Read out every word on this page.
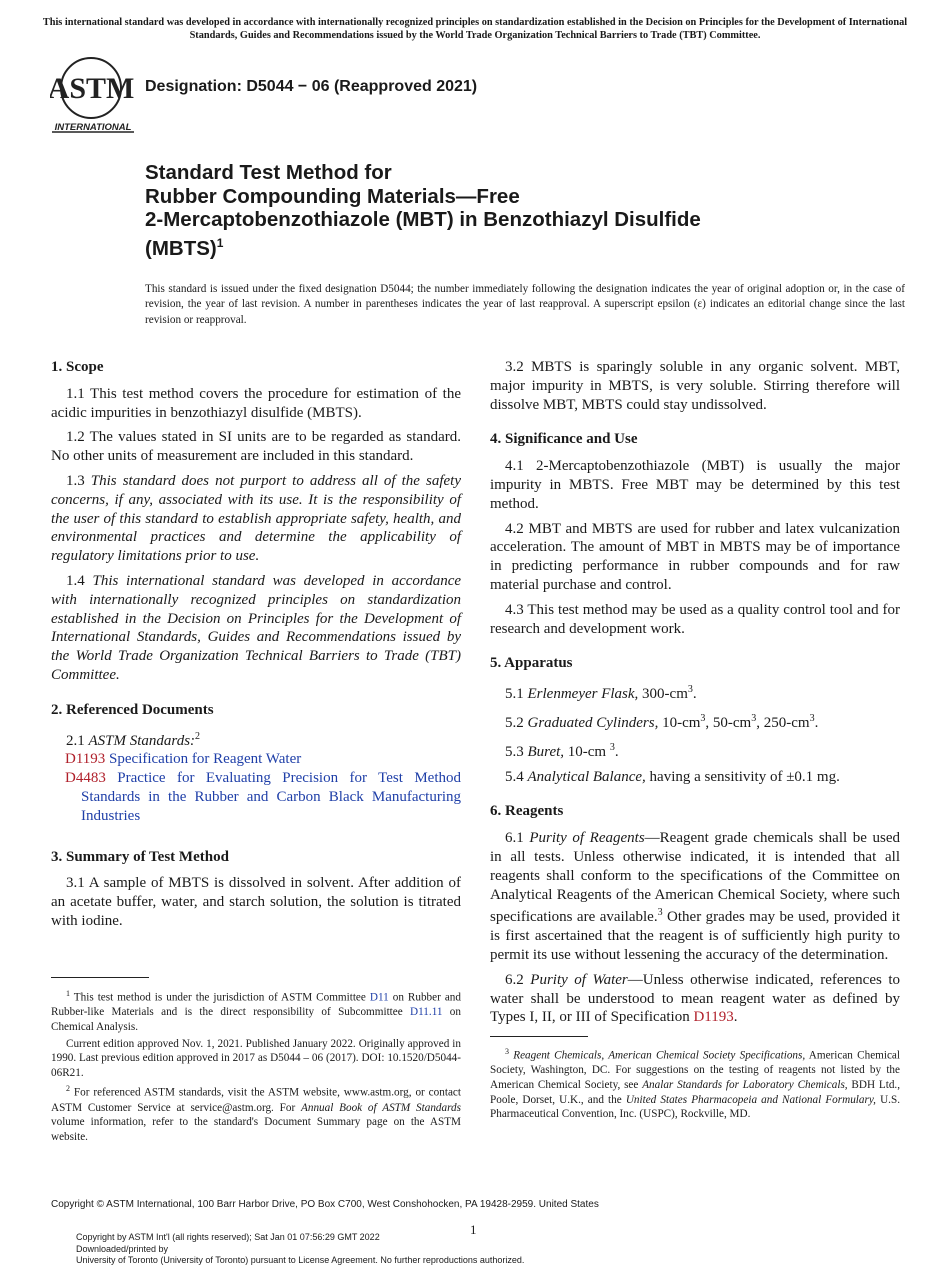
This international standard was developed in accordance with internationally recognized principles on standardization established in the Decision on Principles for the Development of International Standards, Guides and Recommendations issued by the World Trade Organization Technical Barriers to Trade (TBT) Committee.
ASTM
INTERNATIONAL
Designation: D5044 − 06 (Reapproved 2021)
Standard Test Method for
Rubber Compounding Materials—Free
2-Mercaptobenzothiazole (MBT) in Benzothiazyl Disulfide
(MBTS)$^1$
This standard is issued under the fixed designation D5044; the number immediately following the designation indicates the year of original adoption or, in the case of revision, the year of last revision. A number in parentheses indicates the year of last reapproval. A superscript epsilon (ε) indicates an editorial change since the last revision or reapproval.
1. Scope

1.1 This test method covers the procedure for estimation of the acidic impurities in benzothiazyl disulfide (MBTS).

1.2 The values stated in SI units are to be regarded as standard. No other units of measurement are included in this standard.

1.3 This standard does not purport to address all of the safety concerns, if any, associated with its use. It is the responsibility of the user of this standard to establish appropriate safety, health, and environmental practices and determine the applicability of regulatory limitations prior to use.

1.4 This international standard was developed in accordance with internationally recognized principles on standardization established in the Decision on Principles for the Development of International Standards, Guides and Recommendations issued by the World Trade Organization Technical Barriers to Trade (TBT) Committee.

2. Referenced Documents

2.1 ASTM Standards:$^2$

D1193 Specification for Reagent Water
D4483 Practice for Evaluating Precision for Test Method Standards in the Rubber and Carbon Black Manufacturing Industries
3. Summary of Test Method

3.1 A sample of MBTS is dissolved in solvent. After addition of an acetate buffer, water, and starch solution, the solution is titrated with iodine.

3.2 MBTS is sparingly soluble in any organic solvent. MBT, major impurity in MBTS, is very soluble. Stirring therefore will dissolve MBT, MBTS could stay undissolved.

4. Significance and Use

4.1 2-Mercaptobenzothiazole (MBT) is usually the major impurity in MBTS. Free MBT may be determined by this test method.

4.2 MBT and MBTS are used for rubber and latex vulcanization acceleration. The amount of MBT in MBTS may be of importance in predicting performance in rubber compounds and for raw material purchase and control.

4.3 This test method may be used as a quality control tool and for research and development work.

5. Apparatus

5.1 Erlenmeyer Flask, $300-cm^3$.

5.2 Graduated Cylinders, $10-cm^3$, $50-cm^3$, $250-cm^3$.

5.3 Buret, 10-cm $^3$.

5.4 Analytical Balance, having a sensitivity of ±0.1 mg.

6. Reagents

6.1 Purity of Reagents—Reagent grade chemicals shall be used in all tests. Unless otherwise indicated, it is intended that all reagents shall conform to the specifications of the Committee on Analytical Reagents of the American Chemical Society, where such specifications are available.$^3$ Other grades may be used, provided it is first ascertained that the reagent is of sufficiently high purity to permit its use without lessening the accuracy of the determination.

6.2 Purity of Water—Unless otherwise indicated, references to water shall be understood to mean reagent water as defined by Types I, II, or III of Specification D1193.

$^1$ This test method is under the jurisdiction of ASTM Committee D11 on Rubber and Rubber-like Materials and is the direct responsibility of Subcommittee D11.11 on Chemical Analysis.

Current edition approved Nov. 1, 2021. Published January 2022. Originally approved in 1990. Last previous edition approved in 2017 as D5044 – 06 (2017). DOI: 10.1520/D5044-06R21.

$^2$ For referenced ASTM standards, visit the ASTM website, www.astm.org, or contact ASTM Customer Service at service@astm.org. For Annual Book of ASTM Standards volume information, refer to the standard's Document Summary page on the ASTM website.

$^3$ Reagent Chemicals, American Chemical Society Specifications, American Chemical Society, Washington, DC. For suggestions on the testing of reagents not listed by the American Chemical Society, see Analar Standards for Laboratory Chemicals, BDH Ltd., Poole, Dorset, U.K., and the United States Pharmacopeia and National Formulary, U.S. Pharmaceutical Convention, Inc. (USPC), Rockville, MD.

Copyright © ASTM International, 100 Barr Harbor Drive, PO Box C700, West Conshohocken, PA 19428-2959. United States
1
Copyright by ASTM Int'l (all rights reserved); Sat Jan 01 07:56:29 GMT 2022
Downloaded/printed by
University of Toronto (University of Toronto) pursuant to License Agreement. No further reproductions authorized.
